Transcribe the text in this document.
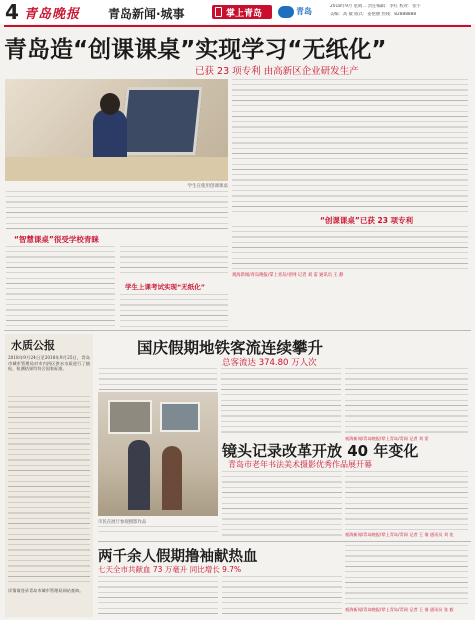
4 青岛晚报 青岛新闻·城事	掌上青岛	青岛
2018年9月 星期二 责任编辑：李红 校对：张宇
美编：高 敏 版式：姜艳丽 热线：82888888
青岛造“创课课桌”实现学习“无纸化”
已获 23 项专利 由高新区企业研发生产
学生在使用创课课桌
“智慧课桌”很受学校青睐
学生上课考试实现“无纸化”
“创课课桌”已获 23 项专利
观海新闻/青岛晚报/掌上青岛/青网 记者 刘 雷 通讯员 王 静
水质公报
2018年9月24日至2018年9月25日，青岛市城市管理局对市内四区供水水质进行了抽检，检测结果均符合国家标准。
详情请登录青岛市城市管理局网站查询。
国庆假期地铁客流连续攀升
总客流达 374.80 万人次
观海新闻/青岛晚报/掌上青岛/青网 记者 刘 雷
市民在展厅参观摄影作品
镜头记录改革开放 40 年变化
青岛市老年书法美术摄影优秀作品展开幕
观海新闻/青岛晚报/掌上青岛/青网 记者 王 倩 通讯员 刘 佳
两千余人假期撸袖献热血
七天全市共献血 73 万毫升 同比增长 9.7%
观海新闻/青岛晚报/掌上青岛/青网 记者 王 倩 通讯员 张 毅
